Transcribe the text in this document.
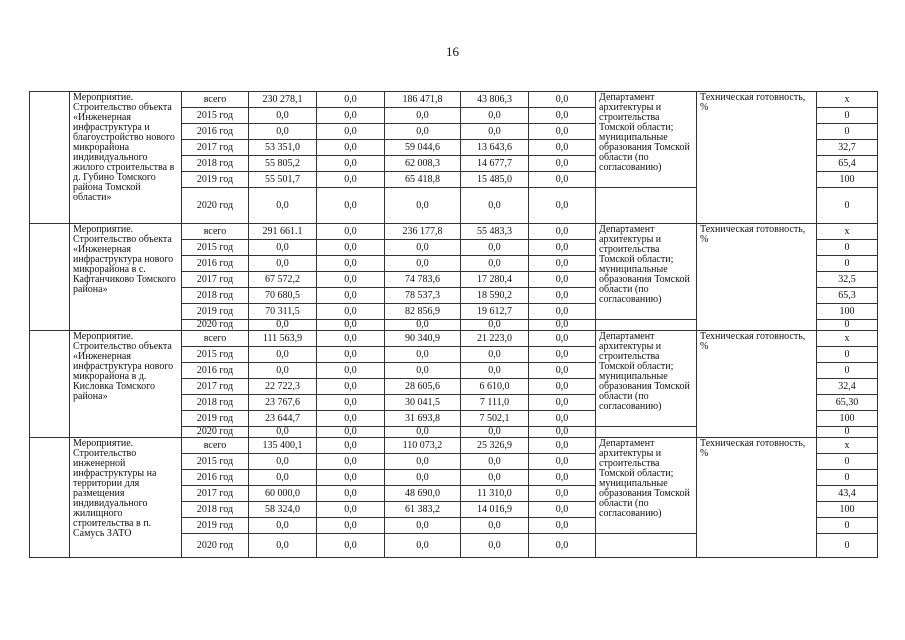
16
	Мероприятие. Строительство объекта «Инженерная инфраструктура и благоустройство нового микрорайона индивидуального жилого строительства в д. Губино Томского района Томской области»	всего	230 278,1	0,0	186 471,8	43 806,3	0,0	Департамент архитектуры и строительства Томской области; муниципальные образования Томской области (по согласованию)	Техническая готовность, %	х
		2015 год	0,0	0,0	0,0	0,0	0,0			0
		2016 год	0,0	0,0	0,0	0,0	0,0			0
		2017 год	53 351,0	0,0	59 044,6	13 643,6	0,0			32,7
		2018 год	55 805,2	0,0	62 008,3	14 677,7	0,0			65,4
		2019 год	55 501,7	0,0	65 418,8	15 485,0	0,0			100
		2020 год	0,0	0,0	0,0	0,0	0,0			0
	Мероприятие. Строительство объекта «Инженерная инфраструктура нового микрорайона в с. Кафтанчиково Томского района»	всего	291 661.1	0,0	236 177,8	55 483,3	0,0	Департамент архитектуры и строительства Томской области; муниципальные образования Томской области (по согласованию)	Техническая готовность, %	х
		2015 год	0,0	0,0	0,0	0,0	0,0			0
		2016 год	0,0	0,0	0,0	0,0	0,0			0
		2017 год	67 572,2	0,0	74 783,6	17 280,4	0,0			32,5
		2018 год	70 680,5	0,0	78 537,3	18 590,2	0,0			65,3
		2019 год	70 311,5	0,0	82 856,9	19 612,7	0,0			100
		2020 год	0,0	0,0	0,0	0,0	0,0			0
	Мероприятие. Строительство объекта «Инженерная инфраструктура нового микрорайона в д. Кисловка Томского района»	всего	111 563,9	0,0	90 340,9	21 223,0	0,0	Департамент архитектуры и строительства Томской области; муниципальные образования Томской области (по согласованию)	Техническая готовность, %	х
		2015 год	0,0	0,0	0,0	0,0	0,0			0
		2016 год	0,0	0,0	0,0	0,0	0,0			0
		2017 год	22 722,3	0,0	28 605,6	6 610,0	0,0			32,4
		2018 год	23 767,6	0,0	30 041,5	7 111,0	0,0			65,30
		2019 год	23 644,7	0,0	31 693,8	7 502,1	0,0			100
		2020 год	0,0	0,0	0,0	0,0	0,0			0
	Мероприятие. Строительство инженерной инфраструктуры на территории для размещения индивидуального жилищного строительства в п. Самусь ЗАТО	всего	135 400,1	0,0	110 073,2	25 326,9	0,0	Департамент архитектуры и строительства Томской области; муниципальные образования Томской области (по согласованию)	Техническая готовность, %	х
		2015 год	0,0	0,0	0,0	0,0	0,0			0
		2016 год	0,0	0,0	0,0	0,0	0,0			0
		2017 год	60 000,0	0,0	48 690,0	11 310,0	0,0			43,4
		2018 год	58 324,0	0,0	61 383,2	14 016,9	0,0			100
		2019 год	0,0	0,0	0,0	0,0	0,0			0
		2020 год	0,0	0,0	0,0	0,0	0,0			0
